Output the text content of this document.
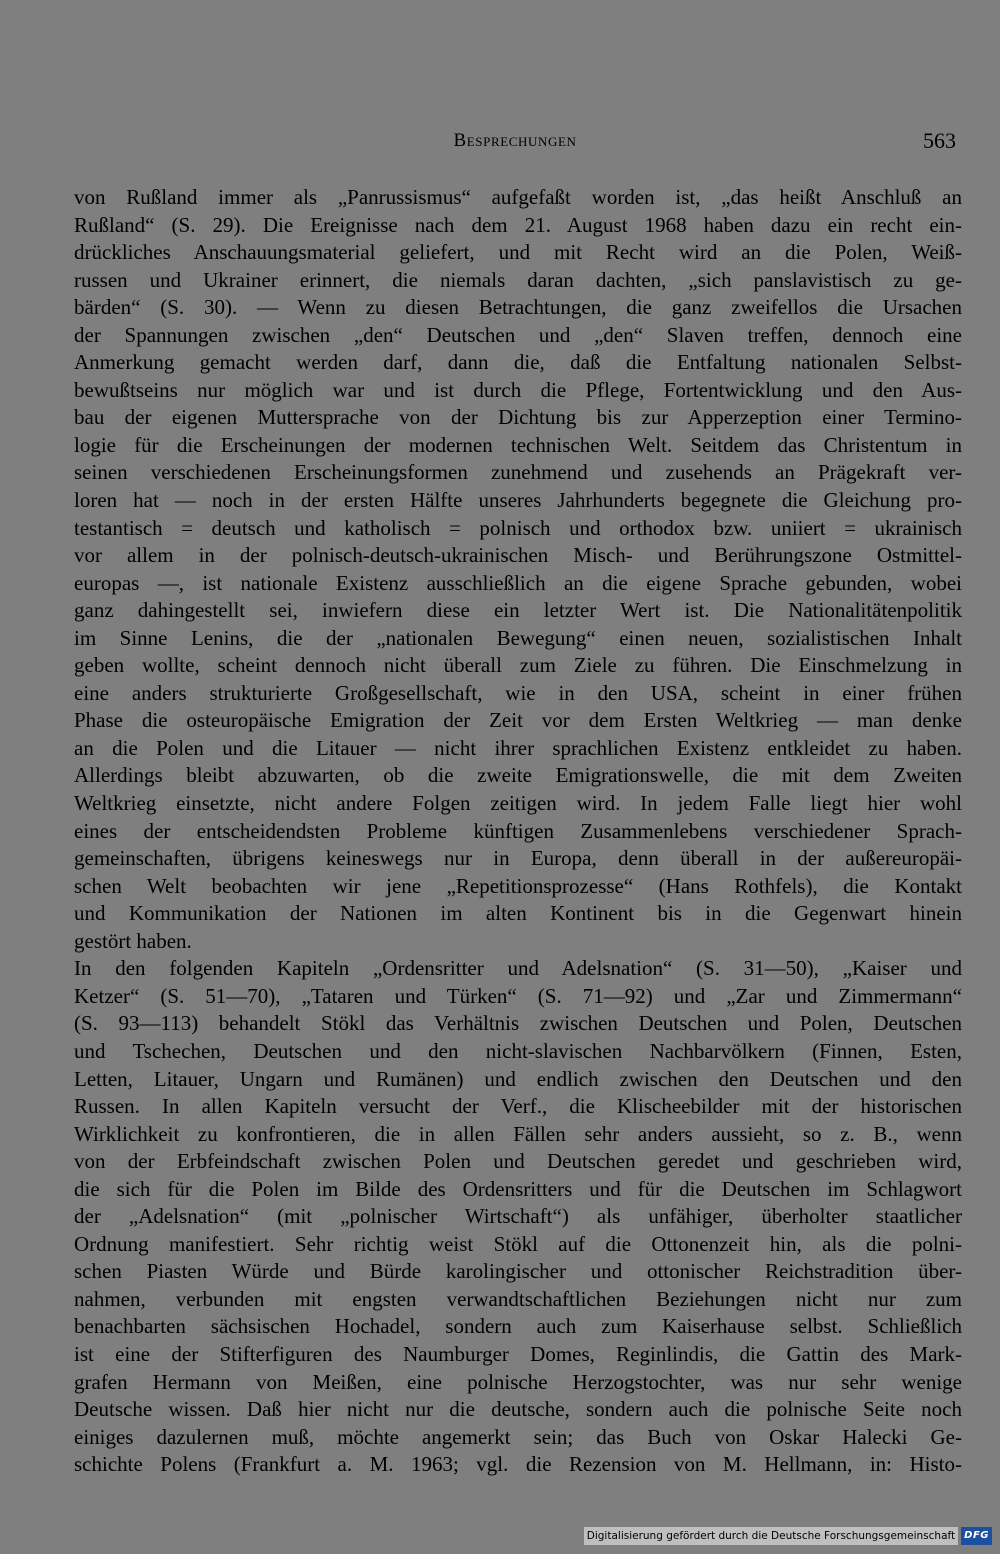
Besprechungen	563
von Rußland immer als „Panrussismus“ aufgefaßt worden ist, „das heißt Anschluß an
Rußland“ (S. 29). Die Ereignisse nach dem 21. August 1968 haben dazu ein recht ein-
drückliches Anschauungsmaterial geliefert, und mit Recht wird an die Polen, Weiß-
russen und Ukrainer erinnert, die niemals daran dachten, „sich panslavistisch zu ge-
bärden“ (S. 30). — Wenn zu diesen Betrachtungen, die ganz zweifellos die Ursachen
der Spannungen zwischen „den“ Deutschen und „den“ Slaven treffen, dennoch eine
Anmerkung gemacht werden darf, dann die, daß die Entfaltung nationalen Selbst-
bewußtseins nur möglich war und ist durch die Pflege, Fortentwicklung und den Aus-
bau der eigenen Muttersprache von der Dichtung bis zur Apperzeption einer Termino-
logie für die Erscheinungen der modernen technischen Welt. Seitdem das Christentum in
seinen verschiedenen Erscheinungsformen zunehmend und zusehends an Prägekraft ver-
loren hat — noch in der ersten Hälfte unseres Jahrhunderts begegnete die Gleichung pro-
testantisch = deutsch und katholisch = polnisch und orthodox bzw. uniiert = ukrainisch
vor allem in der polnisch-deutsch-ukrainischen Misch- und Berührungszone Ostmittel-
europas —, ist nationale Existenz ausschließlich an die eigene Sprache gebunden, wobei
ganz dahingestellt sei, inwiefern diese ein letzter Wert ist. Die Nationalitätenpolitik
im Sinne Lenins, die der „nationalen Bewegung“ einen neuen, sozialistischen Inhalt
geben wollte, scheint dennoch nicht überall zum Ziele zu führen. Die Einschmelzung in
eine anders strukturierte Großgesellschaft, wie in den USA, scheint in einer frühen
Phase die osteuropäische Emigration der Zeit vor dem Ersten Weltkrieg — man denke
an die Polen und die Litauer — nicht ihrer sprachlichen Existenz entkleidet zu haben.
Allerdings bleibt abzuwarten, ob die zweite Emigrationswelle, die mit dem Zweiten
Weltkrieg einsetzte, nicht andere Folgen zeitigen wird. In jedem Falle liegt hier wohl
eines der entscheidendsten Probleme künftigen Zusammenlebens verschiedener Sprach-
gemeinschaften, übrigens keineswegs nur in Europa, denn überall in der außereuropäi-
schen Welt beobachten wir jene „Repetitionsprozesse“ (Hans Rothfels), die Kontakt
und Kommunikation der Nationen im alten Kontinent bis in die Gegenwart hinein
gestört haben.
In den folgenden Kapiteln „Ordensritter und Adelsnation“ (S. 31—50), „Kaiser und
Ketzer“ (S. 51—70), „Tataren und Türken“ (S. 71—92) und „Zar und Zimmermann“
(S. 93—113) behandelt Stökl das Verhältnis zwischen Deutschen und Polen, Deutschen
und Tschechen, Deutschen und den nicht-slavischen Nachbarvölkern (Finnen, Esten,
Letten, Litauer, Ungarn und Rumänen) und endlich zwischen den Deutschen und den
Russen. In allen Kapiteln versucht der Verf., die Klischeebilder mit der historischen
Wirklichkeit zu konfrontieren, die in allen Fällen sehr anders aussieht, so z. B., wenn
von der Erbfeindschaft zwischen Polen und Deutschen geredet und geschrieben wird,
die sich für die Polen im Bilde des Ordensritters und für die Deutschen im Schlagwort
der „Adelsnation“ (mit „polnischer Wirtschaft“) als unfähiger, überholter staatlicher
Ordnung manifestiert. Sehr richtig weist Stökl auf die Ottonenzeit hin, als die polni-
schen Piasten Würde und Bürde karolingischer und ottonischer Reichstradition über-
nahmen, verbunden mit engsten verwandtschaftlichen Beziehungen nicht nur zum
benachbarten sächsischen Hochadel, sondern auch zum Kaiserhause selbst. Schließlich
ist eine der Stifterfiguren des Naumburger Domes, Reginlindis, die Gattin des Mark-
grafen Hermann von Meißen, eine polnische Herzogstochter, was nur sehr wenige
Deutsche wissen. Daß hier nicht nur die deutsche, sondern auch die polnische Seite noch
einiges dazulernen muß, möchte angemerkt sein; das Buch von Oskar Halecki Ge-
schichte Polens (Frankfurt a. M. 1963; vgl. die Rezension von M. Hellmann, in: Histo-
Digitalisierung gefördert durch die Deutsche Forschungsgemeinschaft DFG
